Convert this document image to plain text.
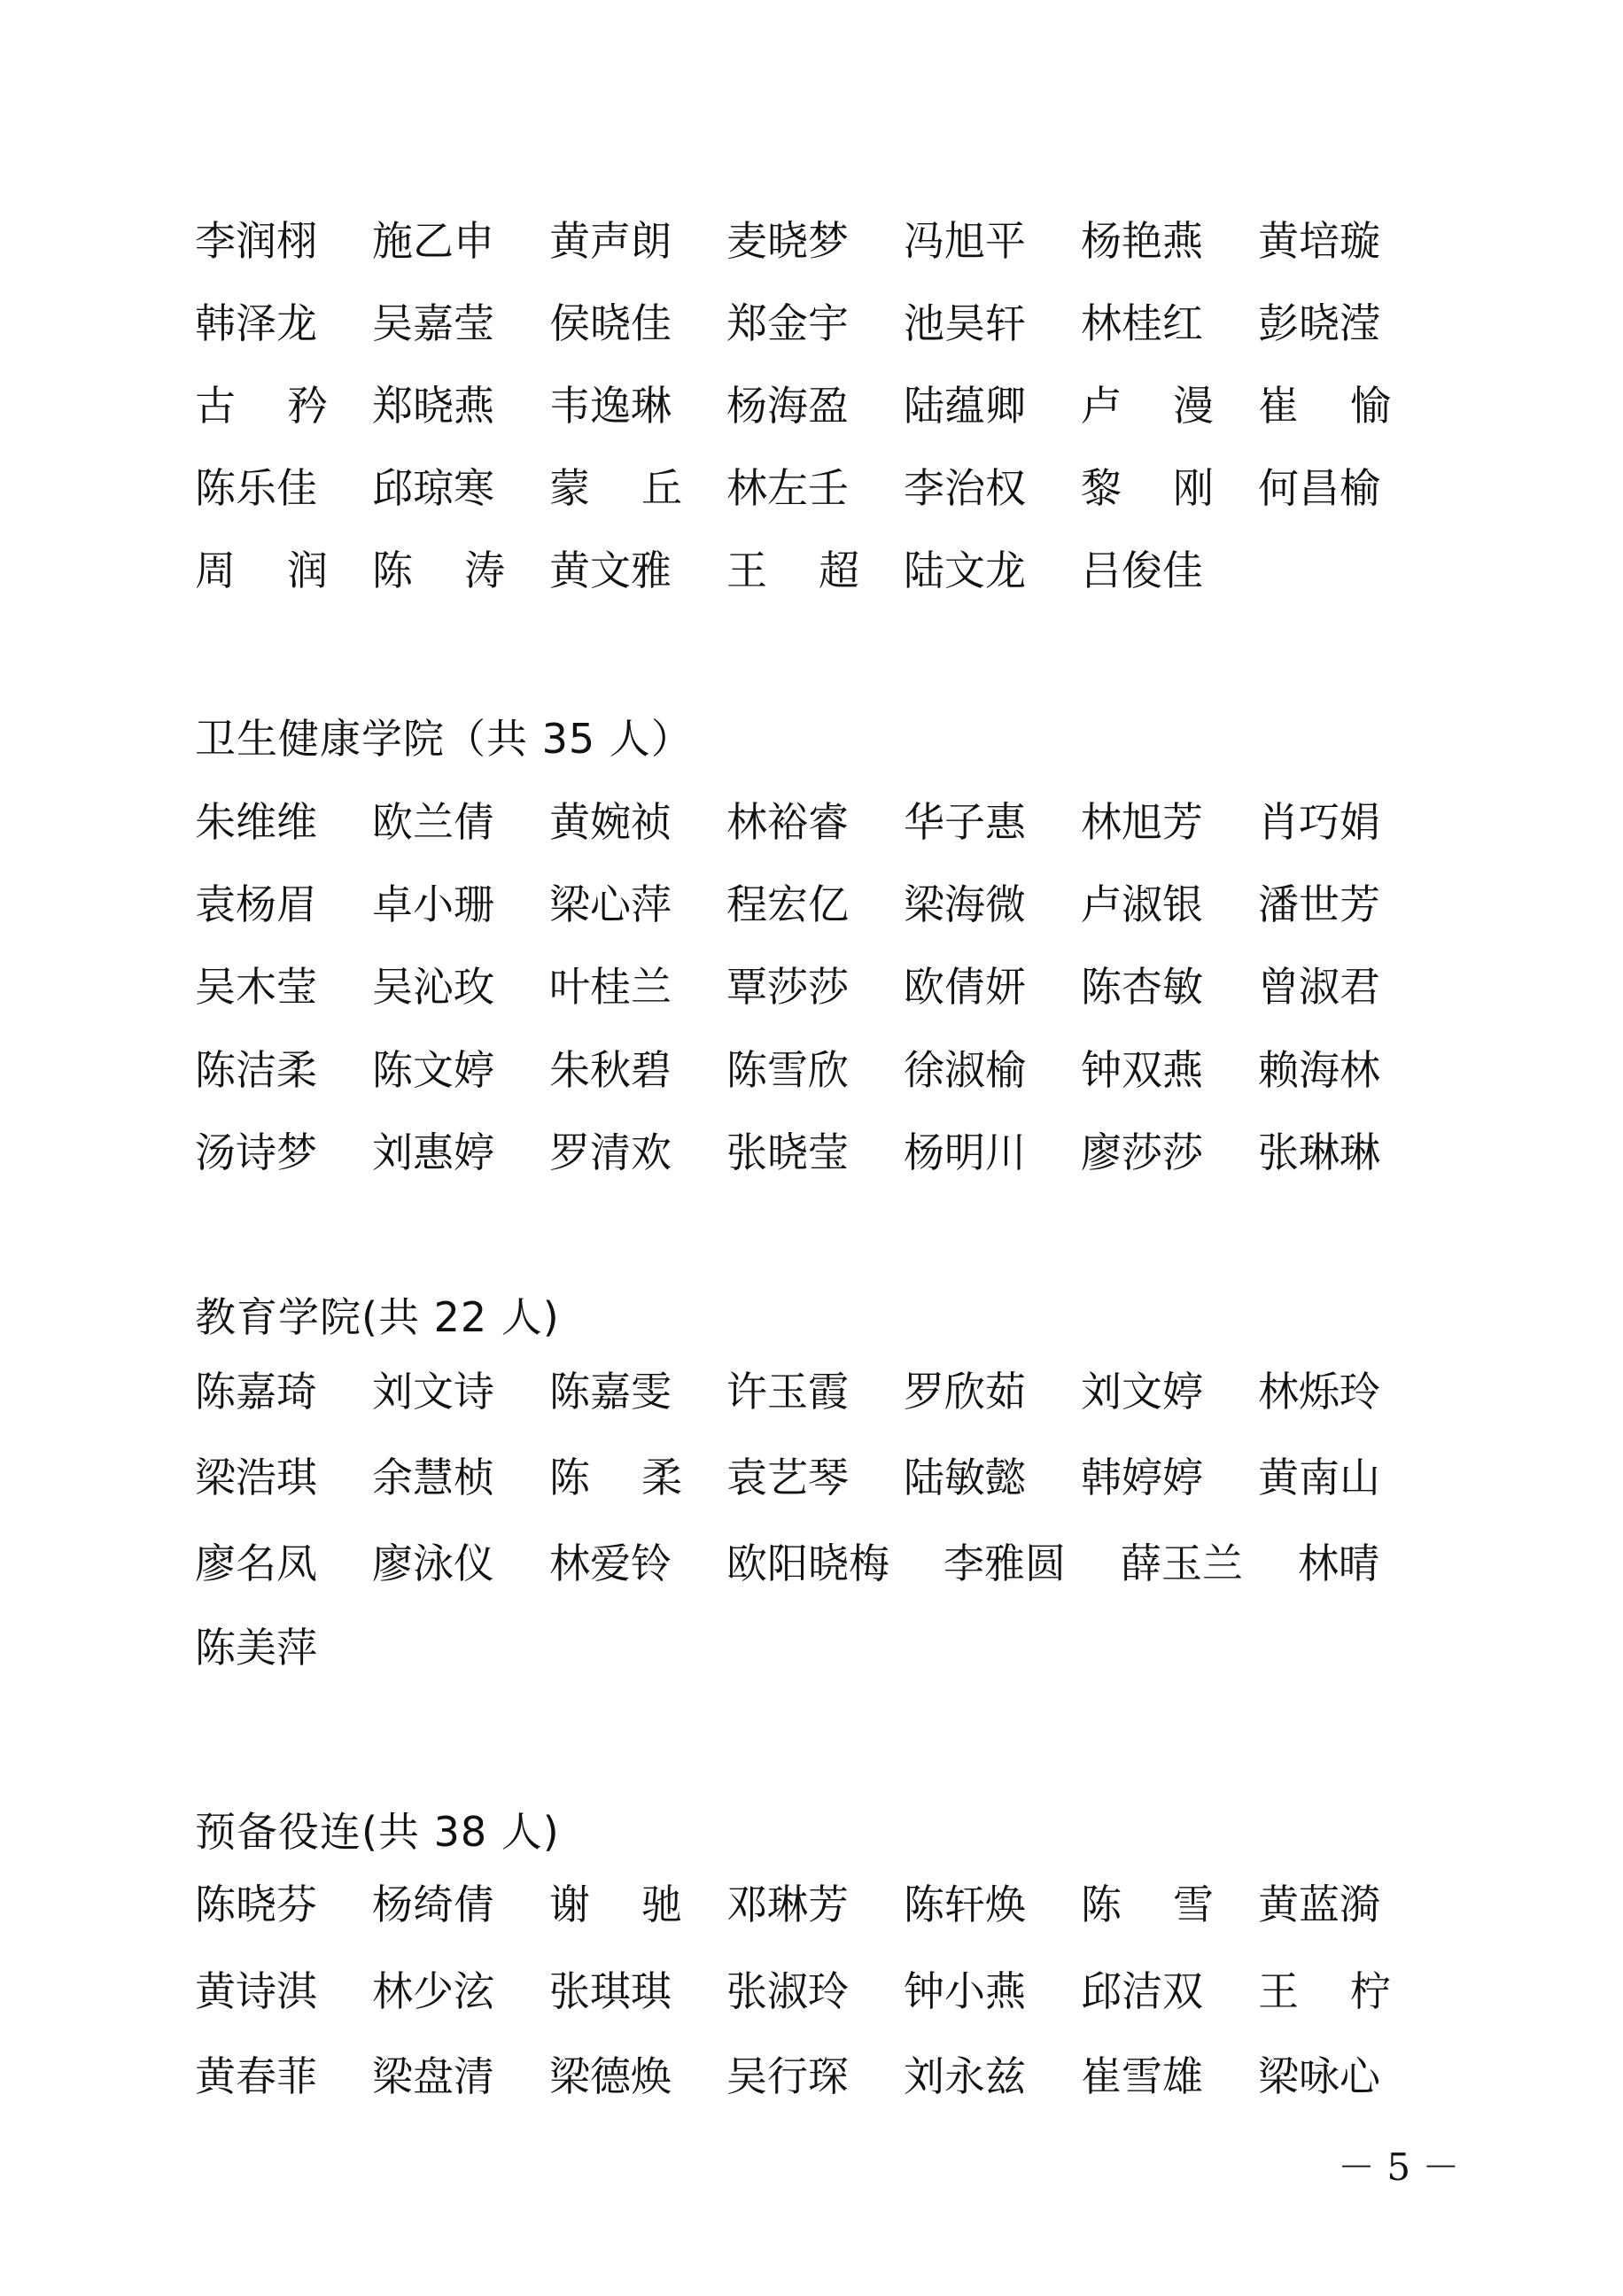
李润栩 施乙申 黄声朗 麦晓梦 冯旭平 杨艳燕 黄培璇
韩泽龙 吴嘉莹 侯晓佳 郑金宇 池昊轩 林桂红 彭晓滢
古 矜 郑晓燕 韦逸琳 杨海盈 陆蕴卿 卢 漫 崔 愉
陈乐佳 邱琼寒 蒙 丘 林左壬 李治权 黎 刚 何昌榆
周 润 陈 涛 黄文雅 王 超 陆文龙 吕俊佳
卫生健康学院（共 35 人）
朱维维 欧兰倩 黄婉祯 林裕睿 华子惠 林旭芳 肖巧娟
袁杨眉 卓小珊 梁心萍 程宏亿 梁海微 卢淑银 潘世芳
吴木莹 吴沁玫 叶桂兰 覃莎莎 欧倩妍 陈杏敏 曾淑君
陈洁柔 陈文婷 朱秋碧 陈雪欣 徐淑榆 钟双燕 赖海林
汤诗梦 刘惠婷 罗清欢 张晓莹 杨明川 廖莎莎 张琳琳
教育学院(共 22 人)
陈嘉琦 刘文诗 陈嘉雯 许玉霞 罗欣茹 刘文婷 林烁玲
梁浩琪 余慧桢 陈 柔 袁艺琴 陆敏懿 韩婷婷 黄南山
廖名凤 廖泳仪 林爱铃 欧阳晓梅 李雅圆 薛玉兰 林晴
陈美萍
预备役连(共 38 人)
陈晓芬 杨绮倩 谢 驰 邓琳芳 陈轩焕 陈 雪 黄蓝漪
黄诗淇 林少泫 张琪琪 张淑玲 钟小燕 邱洁双 王 柠
黄春菲 梁盘清 梁德焕 吴行琛 刘永兹 崔雪雄 梁咏心
－ 5 －
